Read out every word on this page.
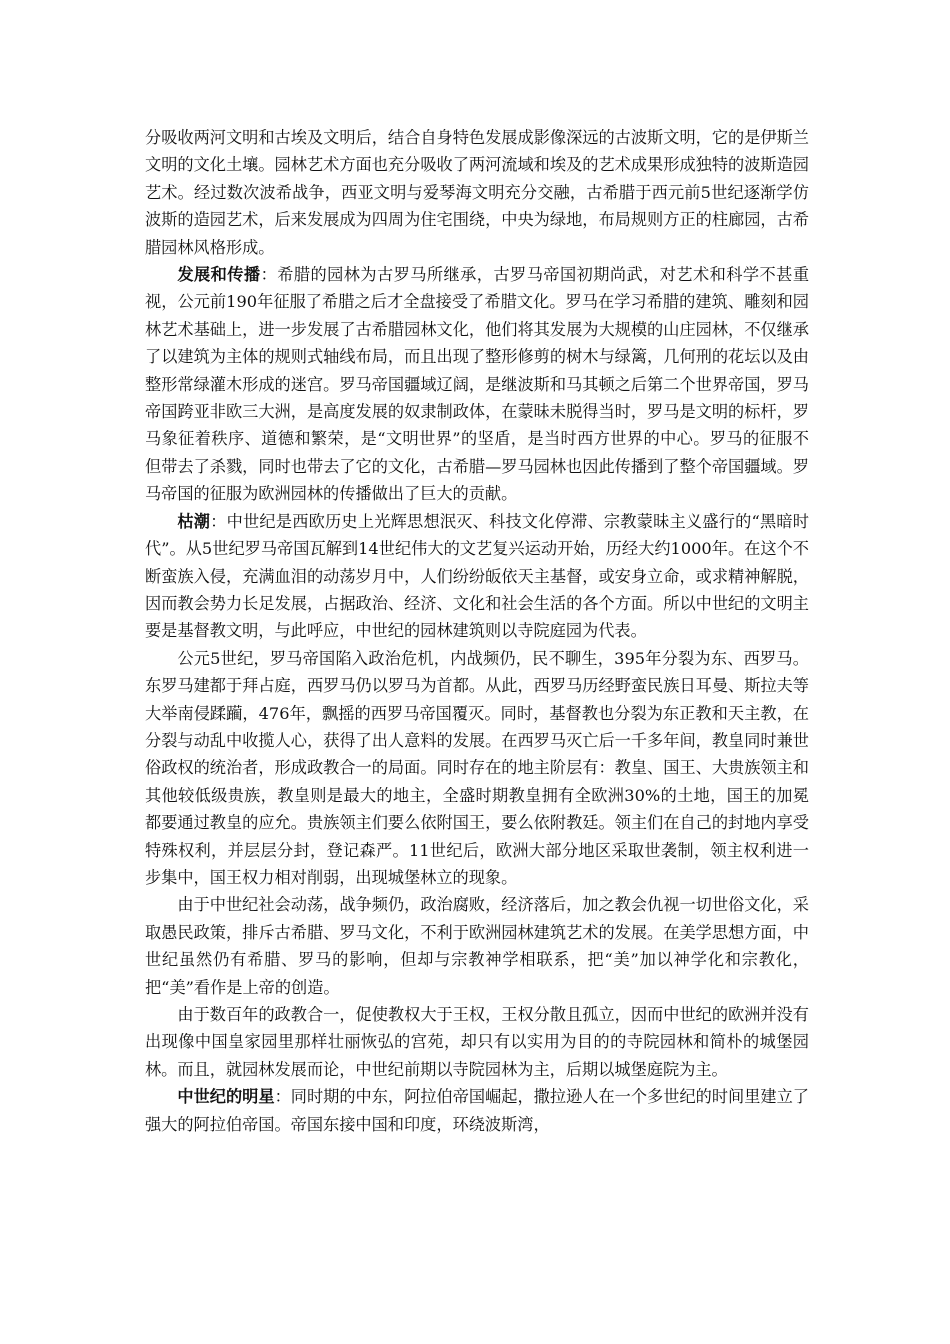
分吸收两河文明和古埃及文明后，结合自身特色发展成影像深远的古波斯文明，它的是伊斯兰文明的文化土壤。园林艺术方面也充分吸收了两河流域和埃及的艺术成果形成独特的波斯造园艺术。经过数次波希战争，西亚文明与爱琴海文明充分交融，古希腊于西元前5世纪逐渐学仿波斯的造园艺术，后来发展成为四周为住宅围绕，中央为绿地，布局规则方正的柱廊园，古希腊园林风格形成。

发展和传播：希腊的园林为古罗马所继承，古罗马帝国初期尚武，对艺术和科学不甚重视，公元前190年征服了希腊之后才全盘接受了希腊文化。罗马在学习希腊的建筑、雕刻和园林艺术基础上，进一步发展了古希腊园林文化，他们将其发展为大规模的山庄园林，不仅继承了以建筑为主体的规则式轴线布局，而且出现了整形修剪的树木与绿篱，几何刑的花坛以及由整形常绿灌木形成的迷宫。罗马帝国疆域辽阔，是继波斯和马其顿之后第二个世界帝国，罗马帝国跨亚非欧三大洲，是高度发展的奴隶制政体，在蒙昧未脱得当时，罗马是文明的标杆，罗马象征着秩序、道德和繁荣，是“文明世界”的坚盾，是当时西方世界的中心。罗马的征服不但带去了杀戮，同时也带去了它的文化，古希腊—罗马园林也因此传播到了整个帝国疆域。罗马帝国的征服为欧洲园林的传播做出了巨大的贡献。

枯潮：中世纪是西欧历史上光辉思想泯灭、科技文化停滞、宗教蒙昧主义盛行的“黑暗时代”。从5世纪罗马帝国瓦解到14世纪伟大的文艺复兴运动开始，历经大约1000年。在这个不断蛮族入侵，充满血泪的动荡岁月中，人们纷纷皈依天主基督，或安身立命，或求精神解脱，因而教会势力长足发展，占据政治、经济、文化和社会生活的各个方面。所以中世纪的文明主要是基督教文明，与此呼应，中世纪的园林建筑则以寺院庭园为代表。

公元5世纪，罗马帝国陷入政治危机，内战频仍，民不聊生，395年分裂为东、西罗马。东罗马建都于拜占庭，西罗马仍以罗马为首都。从此，西罗马历经野蛮民族日耳曼、斯拉夫等大举南侵蹂躏，476年，飘摇的西罗马帝国覆灭。同时，基督教也分裂为东正教和天主教，在分裂与动乱中收揽人心，获得了出人意料的发展。在西罗马灭亡后一千多年间，教皇同时兼世俗政权的统治者，形成政教合一的局面。同时存在的地主阶层有：教皇、国王、大贵族领主和其他较低级贵族，教皇则是最大的地主，全盛时期教皇拥有全欧洲30%的土地，国王的加冕都要通过教皇的应允。贵族领主们要么依附国王，要么依附教廷。领主们在自己的封地内享受特殊权利，并层层分封，登记森严。11世纪后，欧洲大部分地区采取世袭制，领主权利进一步集中，国王权力相对削弱，出现城堡林立的现象。

由于中世纪社会动荡，战争频仍，政治腐败，经济落后，加之教会仇视一切世俗文化，采取愚民政策，排斥古希腊、罗马文化，不利于欧洲园林建筑艺术的发展。在美学思想方面，中世纪虽然仍有希腊、罗马的影响，但却与宗教神学相联系，把“美”加以神学化和宗教化，把“美”看作是上帝的创造。

由于数百年的政教合一，促使教权大于王权，王权分散且孤立，因而中世纪的欧洲并没有出现像中国皇家园里那样壮丽恢弘的宫苑，却只有以实用为目的的寺院园林和简朴的城堡园林。而且，就园林发展而论，中世纪前期以寺院园林为主，后期以城堡庭院为主。

中世纪的明星：同时期的中东，阿拉伯帝国崛起，撒拉逊人在一个多世纪的时间里建立了强大的阿拉伯帝国。帝国东接中国和印度，环绕波斯湾，
